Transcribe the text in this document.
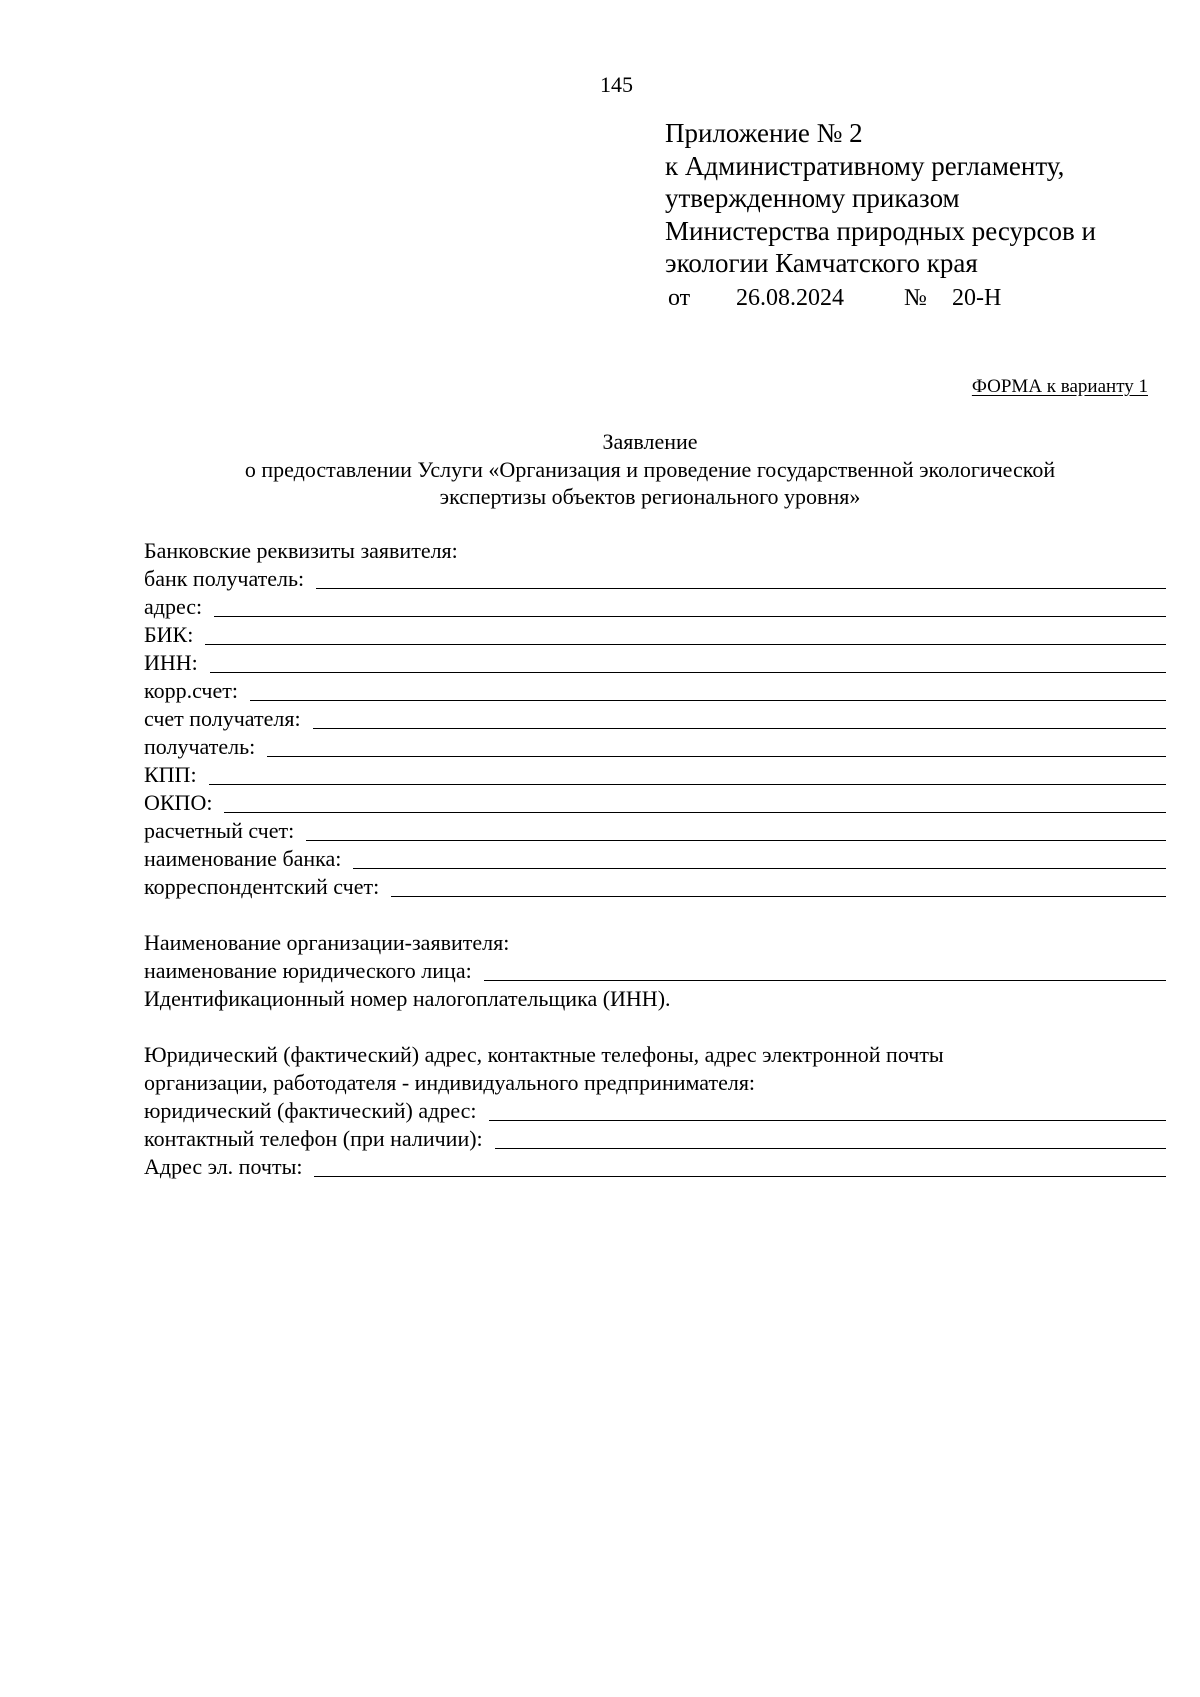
145
Приложение № 2
к Административному регламенту,
утвержденному приказом
Министерства природных ресурсов и
экологии Камчатского края
от 26.08.2024	№ 20-Н
ФОРМА к варианту 1
Заявление
о предоставлении Услуги «Организация и проведение государственной экологической
экспертизы объектов регионального уровня»
Банковские реквизиты заявителя:
банк получатель:
адрес:
БИК:
ИНН:
корр.счет:
счет получателя:
получатель:
КПП:
ОКПО:
расчетный счет:
наименование банка:
корреспондентский счет:
Наименование организации-заявителя:
наименование юридического лица:
Идентификационный номер налогоплательщика (ИНН).
Юридический (фактический) адрес, контактные телефоны, адрес электронной почты
организации, работодателя - индивидуального предпринимателя:
юридический (фактический) адрес:
контактный телефон (при наличии):
Адрес эл. почты:
